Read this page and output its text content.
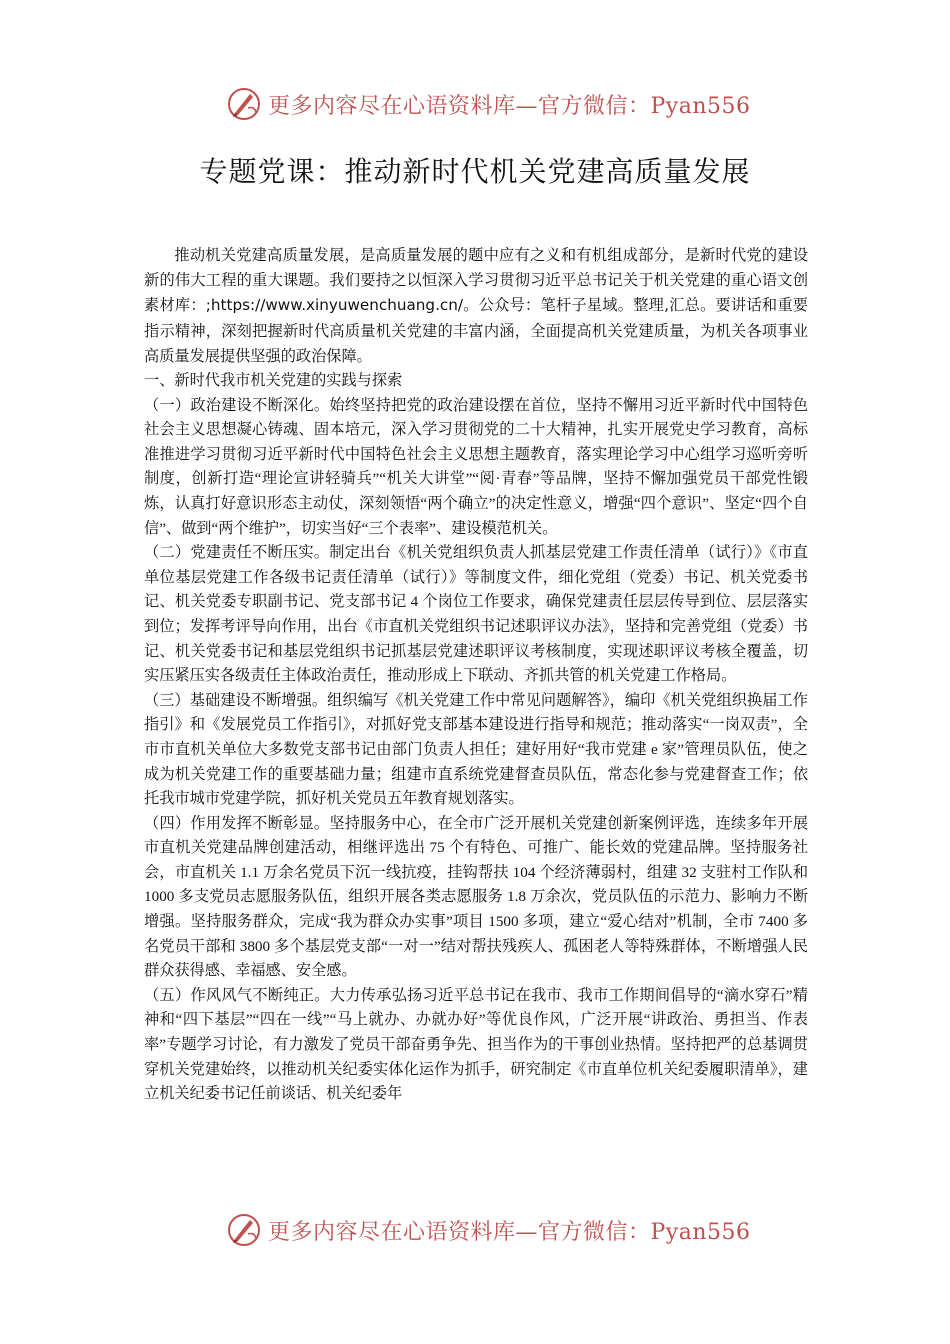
更多内容尽在心语资料库—官方微信：Pyan556
专题党课：推动新时代机关党建高质量发展

推动机关党建高质量发展，是高质量发展的题中应有之义和有机组成部分，是新时代党的建设新的伟大工程的重大课题。我们要持之以恒深入学习贯彻习近平总书记关于机关党建的重心语文创素材库：;https://www.xinyuwenchuang.cn/。公众号：笔杆子星域。整理,汇总。要讲话和重要指示精神，深刻把握新时代高质量机关党建的丰富内涵，全面提高机关党建质量，为机关各项事业高质量发展提供坚强的政治保障。

一、新时代我市机关党建的实践与探索

（一）政治建设不断深化。始终坚持把党的政治建设摆在首位，坚持不懈用习近平新时代中国特色社会主义思想凝心铸魂、固本培元，深入学习贯彻党的二十大精神，扎实开展党史学习教育，高标准推进学习贯彻习近平新时代中国特色社会主义思想主题教育，落实理论学习中心组学习巡听旁听制度，创新打造“理论宣讲轻骑兵”“机关大讲堂”“阅·青春”等品牌，坚持不懈加强党员干部党性锻炼，认真打好意识形态主动仗，深刻领悟“两个确立”的决定性意义，增强“四个意识”、坚定“四个自信”、做到“两个维护”，切实当好“三个表率”、建设模范机关。

（二）党建责任不断压实。制定出台《机关党组织负责人抓基层党建工作责任清单（试行）》《市直单位基层党建工作各级书记责任清单（试行）》等制度文件，细化党组（党委）书记、机关党委书记、机关党委专职副书记、党支部书记 4 个岗位工作要求，确保党建责任层层传导到位、层层落实到位；发挥考评导向作用，出台《市直机关党组织书记述职评议办法》，坚持和完善党组（党委）书记、机关党委书记和基层党组织书记抓基层党建述职评议考核制度，实现述职评议考核全覆盖，切实压紧压实各级责任主体政治责任，推动形成上下联动、齐抓共管的机关党建工作格局。

（三）基础建设不断增强。组织编写《机关党建工作中常见问题解答》，编印《机关党组织换届工作指引》和《发展党员工作指引》，对抓好党支部基本建设进行指导和规范；推动落实“一岗双责”，全市市直机关单位大多数党支部书记由部门负责人担任；建好用好“我市党建 e 家”管理员队伍，使之成为机关党建工作的重要基础力量；组建市直系统党建督查员队伍，常态化参与党建督查工作；依托我市城市党建学院，抓好机关党员五年教育规划落实。

（四）作用发挥不断彰显。坚持服务中心，在全市广泛开展机关党建创新案例评选，连续多年开展市直机关党建品牌创建活动，相继评选出 75 个有特色、可推广、能长效的党建品牌。坚持服务社会，市直机关 1.1 万余名党员下沉一线抗疫，挂钩帮扶 104 个经济薄弱村，组建 32 支驻村工作队和 1000 多支党员志愿服务队伍，组织开展各类志愿服务 1.8 万余次，党员队伍的示范力、影响力不断增强。坚持服务群众，完成“我为群众办实事”项目 1500 多项，建立“爱心结对”机制，全市 7400 多名党员干部和 3800 多个基层党支部“一对一”结对帮扶残疾人、孤困老人等特殊群体，不断增强人民群众获得感、幸福感、安全感。

（五）作风风气不断纯正。大力传承弘扬习近平总书记在我市、我市工作期间倡导的“滴水穿石”精神和“四下基层”“四在一线”“马上就办、办就办好”等优良作风，广泛开展“讲政治、勇担当、作表率”专题学习讨论，有力激发了党员干部奋勇争先、担当作为的干事创业热情。坚持把严的总基调贯穿机关党建始终，以推动机关纪委实体化运作为抓手，研究制定《市直单位机关纪委履职清单》，建立机关纪委书记任前谈话、机关纪委年

更多内容尽在心语资料库—官方微信：Pyan556
